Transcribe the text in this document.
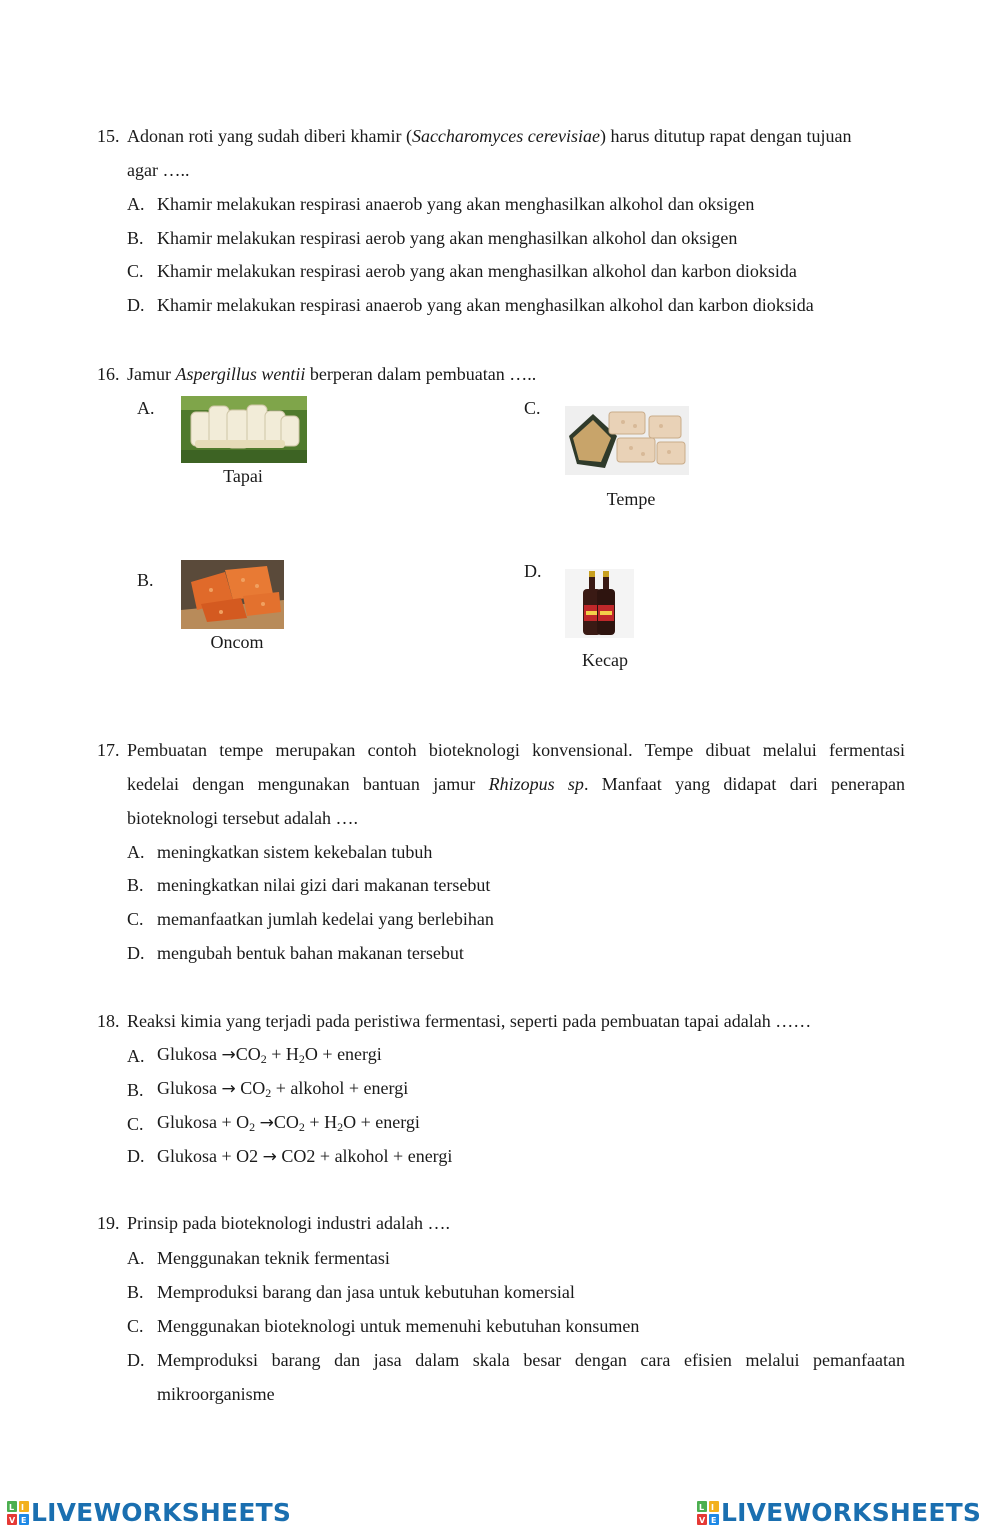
15. Adonan roti yang sudah diberi khamir (Saccharomyces cerevisiae) harus ditutup rapat dengan tujuan
agar …..
A. Khamir melakukan respirasi anaerob yang akan menghasilkan alkohol dan oksigen
B. Khamir melakukan respirasi aerob yang akan menghasilkan alkohol dan oksigen
C. Khamir melakukan respirasi aerob yang akan menghasilkan alkohol dan karbon dioksida
D. Khamir melakukan respirasi anaerob yang akan menghasilkan alkohol dan karbon dioksida
16. Jamur Aspergillus wentii berperan dalam pembuatan …..
A.
Tapai
C.
Tempe
B.
Oncom
D.
Kecap
17. Pembuatan tempe merupakan contoh bioteknologi konvensional. Tempe dibuat melalui fermentasi
kedelai dengan mengunakan bantuan jamur Rhizopus sp. Manfaat yang didapat dari penerapan
bioteknologi tersebut adalah ….
A. meningkatkan sistem kekebalan tubuh
B. meningkatkan nilai gizi dari makanan tersebut
C. memanfaatkan jumlah kedelai yang berlebihan
D. mengubah bentuk bahan makanan tersebut
18. Reaksi kimia yang terjadi pada peristiwa fermentasi, seperti pada pembuatan tapai adalah ……
A. Glukosa $\to CO_2 + H_2O$ + energi
B. Glukosa → $CO_2$ + alkohol + energi
C. Glukosa + $O_2 \to CO_2 + H_2O$ + energi
D. Glukosa + O2 → CO2 + alkohol + energi
19. Prinsip pada bioteknologi industri adalah ….
A. Menggunakan teknik fermentasi
B. Memproduksi barang dan jasa untuk kebutuhan komersial
C. Menggunakan bioteknologi untuk memenuhi kebutuhan konsumen
D. Memproduksi barang dan jasa dalam skala besar dengan cara efisien melalui pemanfaatan
mikroorganisme
L I
V E LIVEWORKSHEETS	L I
V E LIVEWORKSHEETS
